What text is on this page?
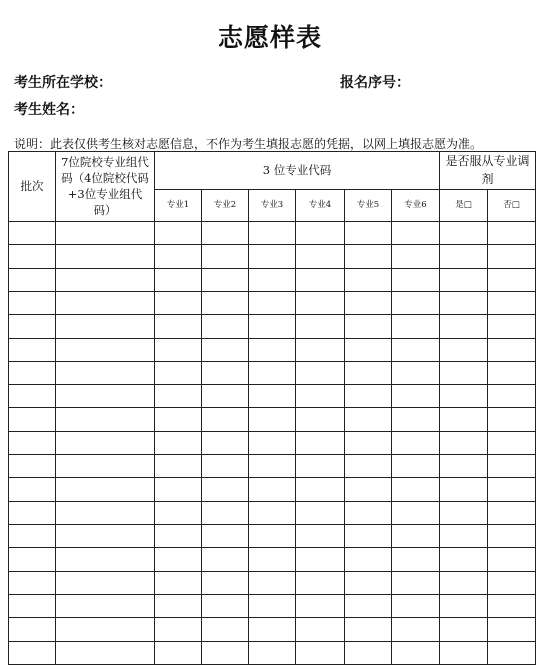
志愿样表
考生所在学校：	报名序号：
考生姓名：
说明：此表仅供考生核对志愿信息，不作为考生填报志愿的凭据，以网上填报志愿为准。
批次	7位院校专业组代码（4位院校代码+3位专业组代码）	3 位专业代码						是否服从专业调剂	
		专业1	专业2	专业3	专业4	专业5	专业6	是□	否□
